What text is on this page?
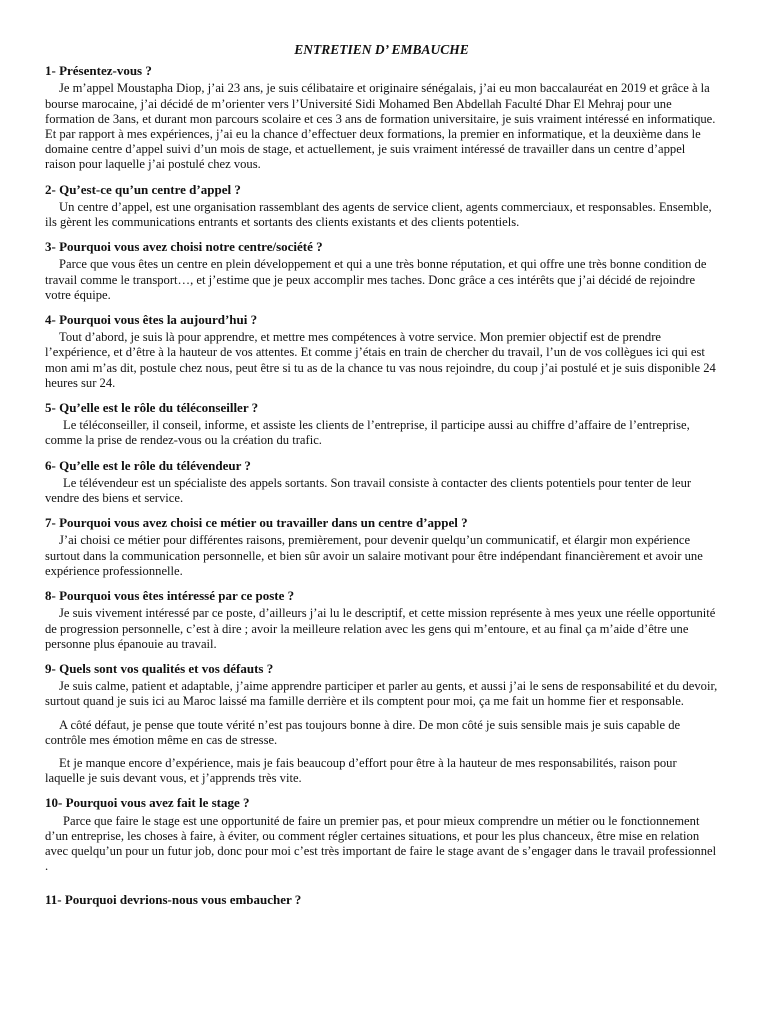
ENTRETIEN D’ EMBAUCHE
1- Présentez-vous ?
Je m’appel Moustapha Diop, j’ai 23 ans, je suis célibataire et originaire sénégalais, j’ai eu mon baccalauréat en 2019 et grâce à la bourse marocaine, j’ai décidé de m’orienter vers l’Université Sidi Mohamed Ben Abdellah Faculté Dhar El Mehraj pour une formation de 3ans, et durant mon parcours scolaire et ces 3 ans de formation universitaire, je suis vraiment intéressé en informatique. Et par rapport à mes expériences, j’ai eu la chance d’effectuer deux formations, la premier en informatique, et la deuxième dans le domaine centre d’appel suivi d’un mois de stage, et actuellement, je suis vraiment intéressé de travailler dans un centre d’appel raison pour laquelle j’ai postulé chez vous.
2- Qu’est-ce qu’un centre d’appel ?
Un centre d’appel, est une organisation rassemblant des agents de service client, agents commerciaux, et responsables. Ensemble, ils gèrent les communications entrants et sortants des clients existants et des clients potentiels.
3- Pourquoi vous avez choisi notre centre/société ?
Parce que vous êtes un centre en plein développement et qui a une très bonne réputation, et qui offre une très bonne condition de travail comme le transport…, et j’estime que je peux accomplir mes taches. Donc grâce a ces intérêts que j’ai décidé de rejoindre votre équipe.
4- Pourquoi vous êtes la aujourd’hui ?
Tout d’abord, je suis là pour apprendre, et mettre mes compétences à votre service. Mon premier objectif est de prendre l’expérience, et d’être à la hauteur de vos attentes. Et comme j’étais en train de chercher du travail, l’un de vos collègues ici qui est mon ami m’as dit, postule chez nous, peut être si tu as de la chance tu vas nous rejoindre, du coup j’ai postulé et je suis disponible 24 heures sur 24.
5- Qu’elle est le rôle du téléconseiller ?
Le téléconseiller, il conseil, informe, et assiste les clients de l’entreprise, il participe aussi au chiffre d’affaire de l’entreprise, comme la prise de rendez-vous ou la création du trafic.
6- Qu’elle est le rôle du télévendeur ?
Le télévendeur est un spécialiste des appels sortants. Son travail consiste à contacter des clients potentiels pour tenter de leur vendre des biens et service.
7- Pourquoi vous avez choisi ce métier ou travailler dans un centre d’appel ?
J’ai choisi ce métier pour différentes raisons, premièrement, pour devenir quelqu’un communicatif, et élargir mon expérience surtout dans la communication personnelle, et bien sûr avoir un salaire motivant pour être indépendant financièrement et avoir une expérience professionnelle.
8- Pourquoi vous êtes intéressé par ce poste ?
Je suis vivement intéressé par ce poste, d’ailleurs j’ai lu le descriptif, et cette mission représente à mes yeux une réelle opportunité de progression personnelle, c’est à dire ; avoir la meilleure relation avec les gens qui m’entoure, et au final ça m’aide d’être une personne plus épanouie au travail.
9- Quels sont vos qualités et vos défauts ?
Je suis calme, patient et adaptable, j’aime apprendre participer et parler au gents, et aussi j’ai le sens de responsabilité et du devoir, surtout quand je suis ici au Maroc laissé ma famille derrière et ils comptent pour moi, ça me fait un homme fier et responsable.
A côté défaut, je pense que toute vérité n’est pas toujours bonne à dire. De mon côté je suis sensible mais je suis capable de contrôle mes émotion même en cas de stresse.
Et je manque encore d’expérience, mais je fais beaucoup d’effort pour être à la hauteur de mes responsabilités, raison pour laquelle je suis devant vous, et j’apprends très vite.
10- Pourquoi vous avez fait le stage ?
Parce que faire le stage est une opportunité de faire un premier pas, et pour mieux comprendre un métier ou le fonctionnement d’un entreprise, les choses à faire, à éviter, ou comment régler certaines situations, et pour les plus chanceux, être mise en relation avec quelqu’un pour un futur job, donc pour moi c’est très important de faire le stage avant de s’engager dans le travail professionnel .
11- Pourquoi devrions-nous vous embaucher ?
